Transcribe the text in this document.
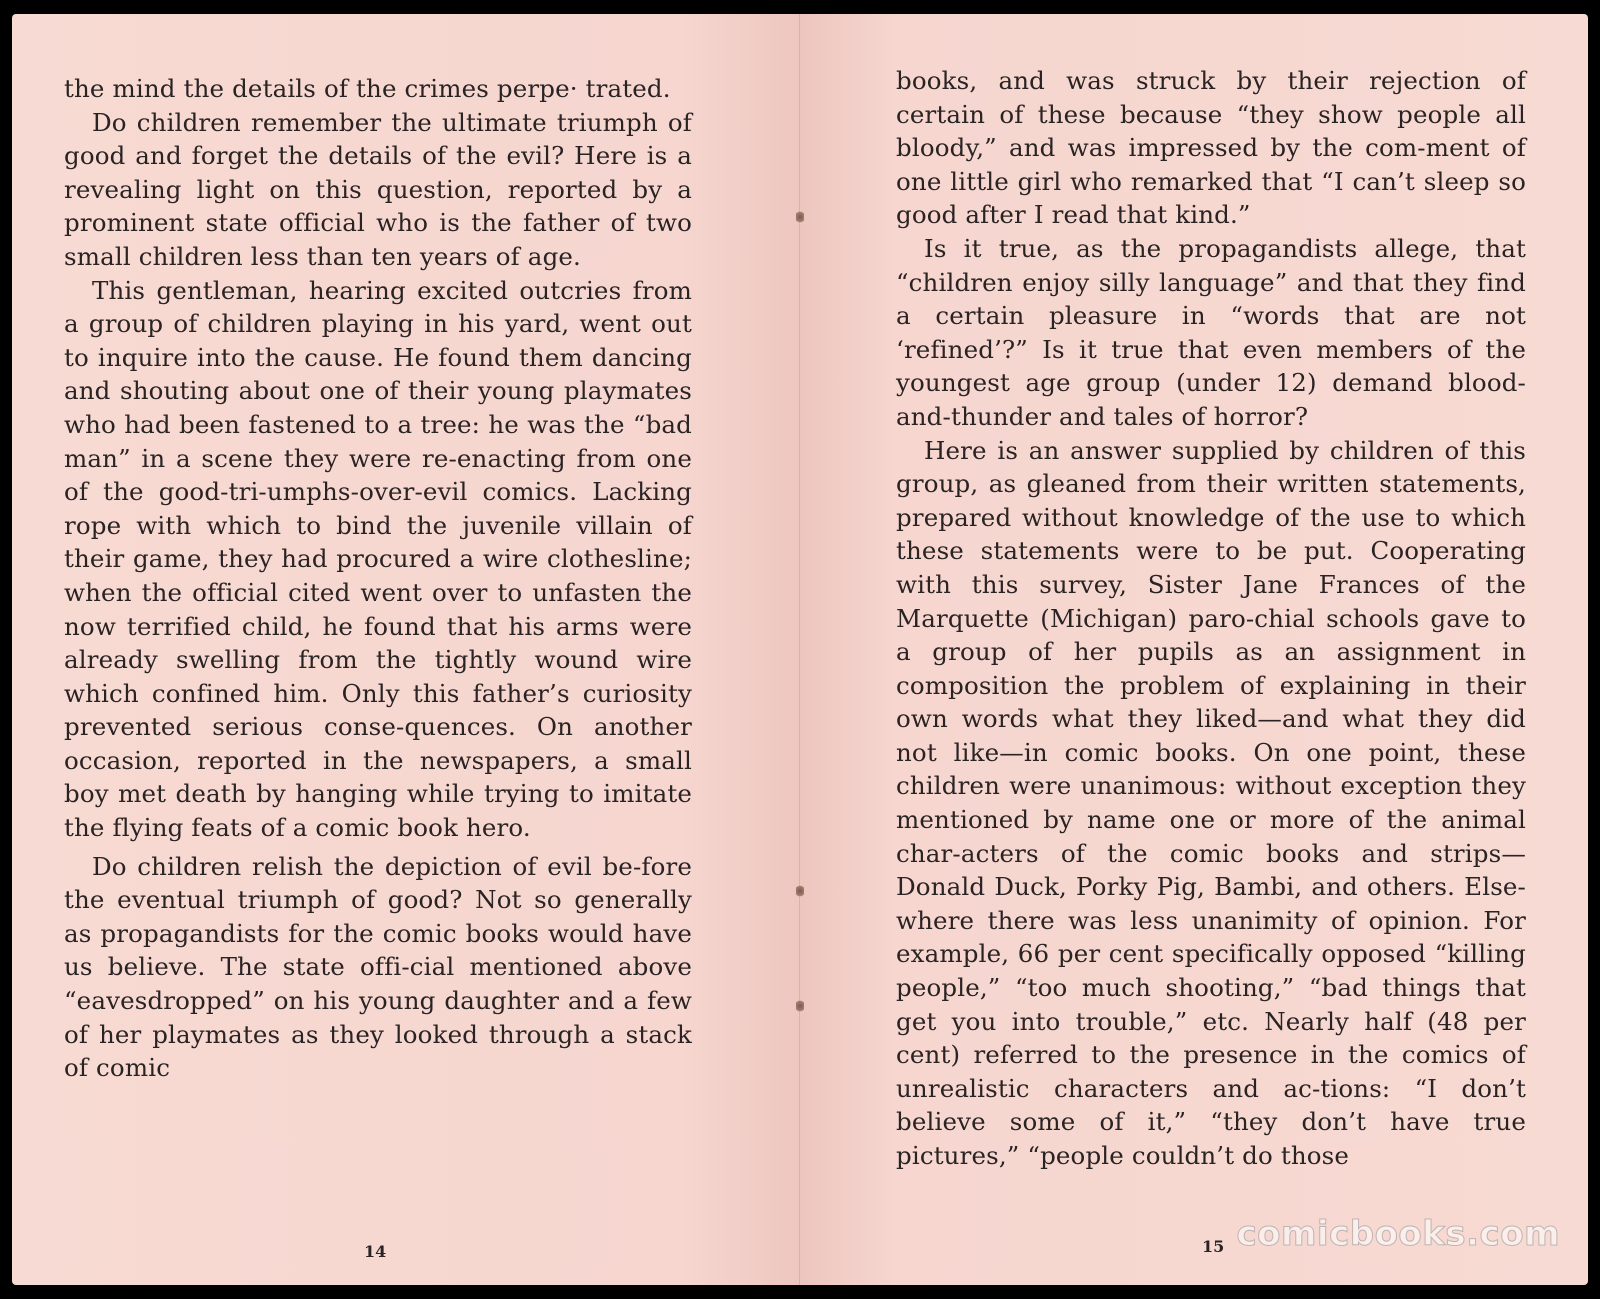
the mind the details of the crimes perpe· trated.

Do children remember the ultimate triumph of good and forget the details of the evil? Here is a revealing light on this question, reported by a prominent state official who is the father of two small children less than ten years of age.

This gentleman, hearing excited outcries from a group of children playing in his yard, went out to inquire into the cause. He found them dancing and shouting about one of their young playmates who had been fastened to a tree: he was the “bad man” in a scene they were re-enacting from one of the good-tri-umphs-over-evil comics. Lacking rope with which to bind the juvenile villain of their game, they had procured a wire clothesline; when the official cited went over to unfasten the now terrified child, he found that his arms were already swelling from the tightly wound wire which confined him. Only this father’s curiosity prevented serious conse-quences. On another occasion, reported in the newspapers, a small boy met death by hanging while trying to imitate the flying feats of a comic book hero.

Do children relish the depiction of evil be-fore the eventual triumph of good? Not so generally as propagandists for the comic books would have us believe. The state offi-cial mentioned above “eavesdropped” on his young daughter and a few of her playmates as they looked through a stack of comic

14

books, and was struck by their rejection of certain of these because “they show people all bloody,” and was impressed by the com-ment of one little girl who remarked that “I can’t sleep so good after I read that kind.”

Is it true, as the propagandists allege, that “children enjoy silly language” and that they find a certain pleasure in “words that are not ‘refined’?” Is it true that even members of the youngest age group (under 12) demand blood-and-thunder and tales of horror?

Here is an answer supplied by children of this group, as gleaned from their written statements, prepared without knowledge of the use to which these statements were to be put. Cooperating with this survey, Sister Jane Frances of the Marquette (Michigan) paro-chial schools gave to a group of her pupils as an assignment in composition the problem of explaining in their own words what they liked—and what they did not like—in comic books. On one point, these children were unanimous: without exception they mentioned by name one or more of the animal char-acters of the comic books and strips—Donald Duck, Porky Pig, Bambi, and others. Else-where there was less unanimity of opinion. For example, 66 per cent specifically opposed “killing people,” “too much shooting,” “bad things that get you into trouble,” etc. Nearly half (48 per cent) referred to the presence in the comics of unrealistic characters and ac-tions: “I don’t believe some of it,” “they don’t have true pictures,” “people couldn’t do those

15 comicbooks.com
